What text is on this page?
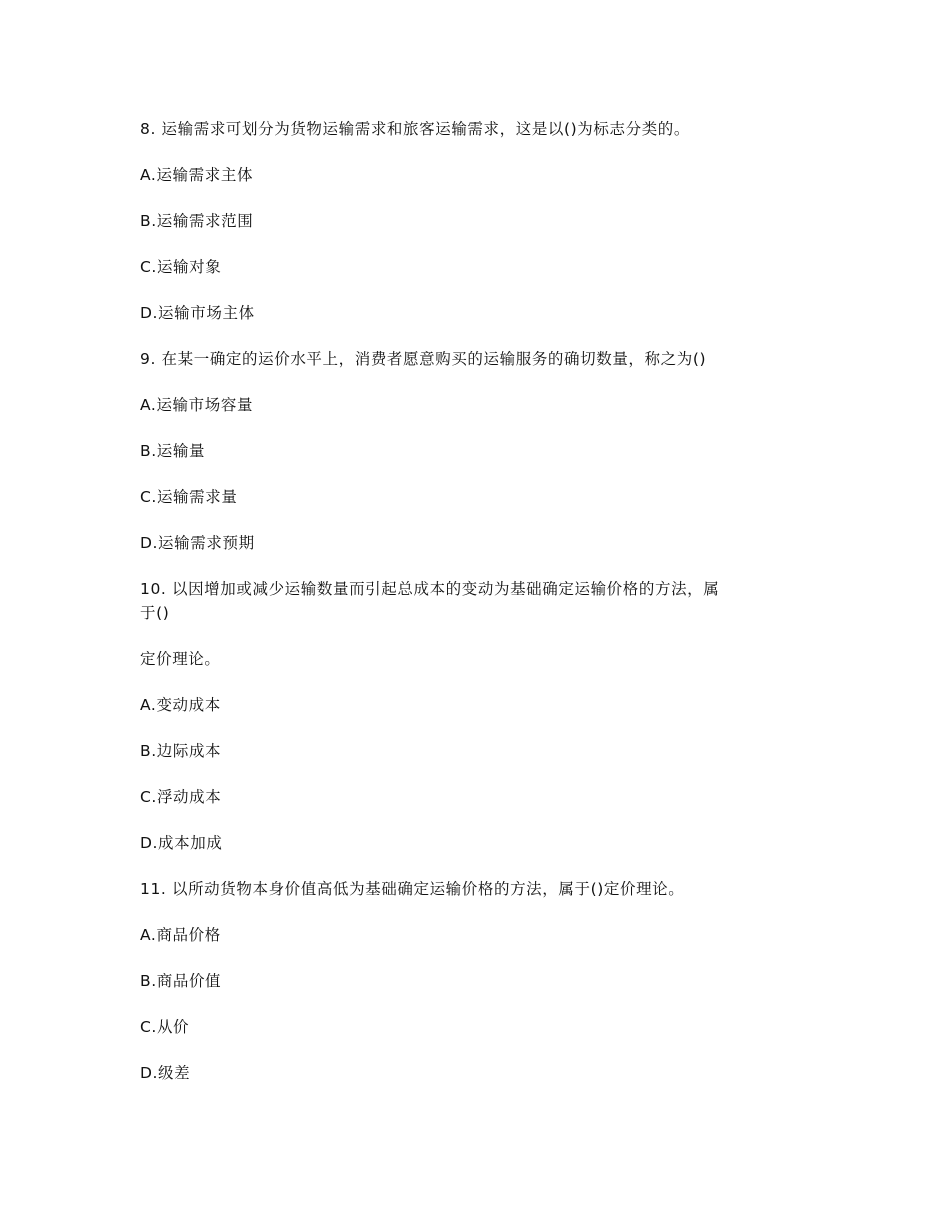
8. 运输需求可划分为货物运输需求和旅客运输需求，这是以()为标志分类的。

A.运输需求主体

B.运输需求范围

C.运输对象

D.运输市场主体

9. 在某一确定的运价水平上，消费者愿意购买的运输服务的确切数量，称之为()

A.运输市场容量

B.运输量

C.运输需求量

D.运输需求预期

10. 以因增加或减少运输数量而引起总成本的变动为基础确定运输价格的方法，属

于()

定价理论。

A.变动成本

B.边际成本

C.浮动成本

D.成本加成

11. 以所动货物本身价值高低为基础确定运输价格的方法，属于()定价理论。

A.商品价格

B.商品价值

C.从价

D.级差
